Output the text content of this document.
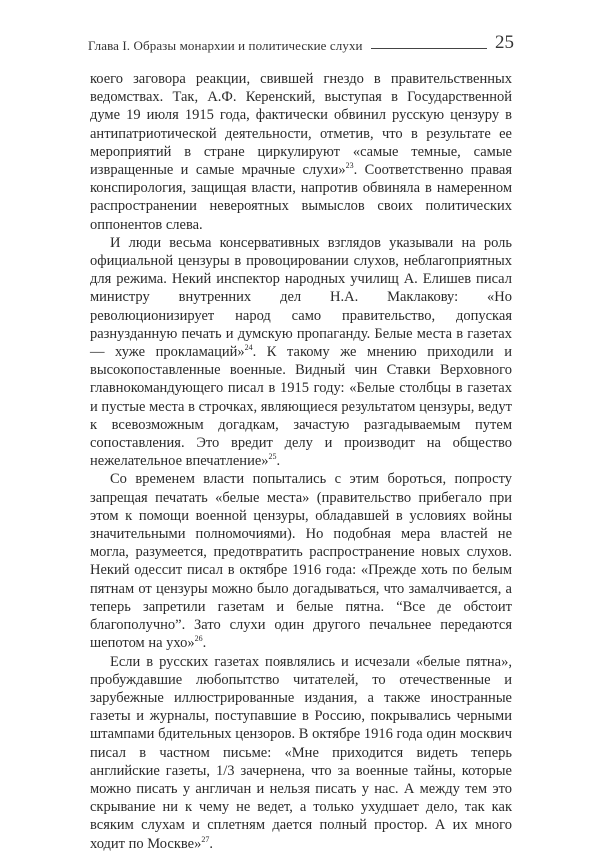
Глава I. Образы монархии и политические слухи	25

коего заговора реакции, свившей гнездо в правительственных ведомствах. Так, А.Ф. Керенский, выступая в Государственной думе 19 июля 1915 года, фактически обвинил русскую цензуру в антипатриотической деятельности, отметив, что в результате ее мероприятий в стране циркулируют «самые темные, самые извращенные и самые мрачные слухи»$^{23}$. Соответственно правая конспирология, защищая власти, напротив обвиняла в намеренном распространении невероятных вымыслов своих политических оппонентов слева.

И люди весьма консервативных взглядов указывали на роль официальной цензуры в провоцировании слухов, неблагоприятных для режима. Некий инспектор народных училищ А. Елишев писал министру внутренних дел Н.А. Маклакову: «Но революционизирует народ само правительство, допуская разнузданную печать и думскую пропаганду. Белые места в газетах — хуже прокламаций»$^{24}$. К такому же мнению приходили и высокопоставленные военные. Видный чин Ставки Верховного главнокомандующего писал в 1915 году: «Белые столбцы в газетах и пустые места в строчках, являющиеся результатом цензуры, ведут к всевозможным догадкам, зачастую разгадываемым путем сопоставления. Это вредит делу и производит на общество нежелательное впечатление»$^{25}$.

Со временем власти попытались с этим бороться, попросту запрещая печатать «белые места» (правительство прибегало при этом к помощи военной цензуры, обладавшей в условиях войны значительными полномочиями). Но подобная мера властей не могла, разумеется, предотвратить распространение новых слухов. Некий одессит писал в октябре 1916 года: «Прежде хоть по белым пятнам от цензуры можно было догадываться, что замалчивается, а теперь запретили газетам и белые пятна. “Все де обстоит благополучно”. Зато слухи один другого печальнее передаются шепотом на ухо»$^{26}$.

Если в русских газетах появлялись и исчезали «белые пятна», пробуждавшие любопытство читателей, то отечественные и зарубежные иллюстрированные издания, а также иностранные газеты и журналы, поступавшие в Россию, покрывались черными штампами бдительных цензоров. В октябре 1916 года один москвич писал в частном письме: «Мне приходится видеть теперь английские газеты, 1/3 зачернена, что за военные тайны, которые можно писать у англичан и нельзя писать у нас. А между тем это скрывание ни к чему не ведет, а только ухудшает дело, так как всяким слухам и сплетням дается полный простор. А их много ходит по Москве»$^{27}$.
